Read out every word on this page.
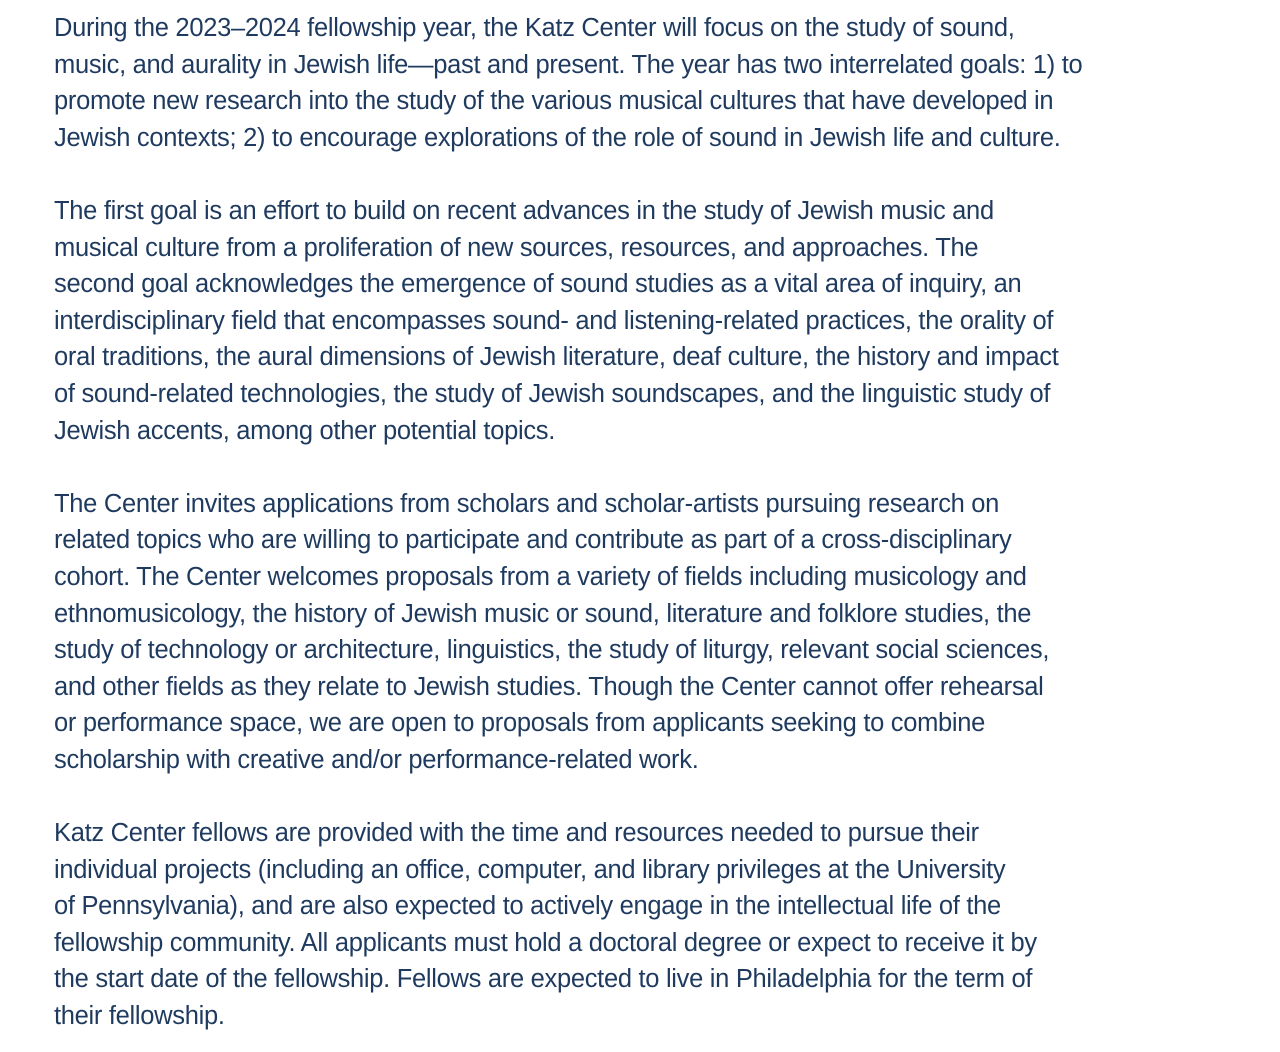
During the 2023–2024 fellowship year, the Katz Center will focus on the study of sound,
music, and aurality in Jewish life—past and present. The year has two interrelated goals: 1) to
promote new research into the study of the various musical cultures that have developed in
Jewish contexts; 2) to encourage explorations of the role of sound in Jewish life and culture.

The first goal is an effort to build on recent advances in the study of Jewish music and
musical culture from a proliferation of new sources, resources, and approaches. The
second goal acknowledges the emergence of sound studies as a vital area of inquiry, an
interdisciplinary field that encompasses sound- and listening-related practices, the orality of
oral traditions, the aural dimensions of Jewish literature, deaf culture, the history and impact
of sound-related technologies, the study of Jewish soundscapes, and the linguistic study of
Jewish accents, among other potential topics.

The Center invites applications from scholars and scholar-artists pursuing research on
related topics who are willing to participate and contribute as part of a cross-disciplinary
cohort. The Center welcomes proposals from a variety of fields including musicology and
ethnomusicology, the history of Jewish music or sound, literature and folklore studies, the
study of technology or architecture, linguistics, the study of liturgy, relevant social sciences,
and other fields as they relate to Jewish studies. Though the Center cannot offer rehearsal
or performance space, we are open to proposals from applicants seeking to combine
scholarship with creative and/or performance-related work.

Katz Center fellows are provided with the time and resources needed to pursue their
individual projects (including an office, computer, and library privileges at the University
of Pennsylvania), and are also expected to actively engage in the intellectual life of the
fellowship community. All applicants must hold a doctoral degree or expect to receive it by
the start date of the fellowship. Fellows are expected to live in Philadelphia for the term of
their fellowship.
